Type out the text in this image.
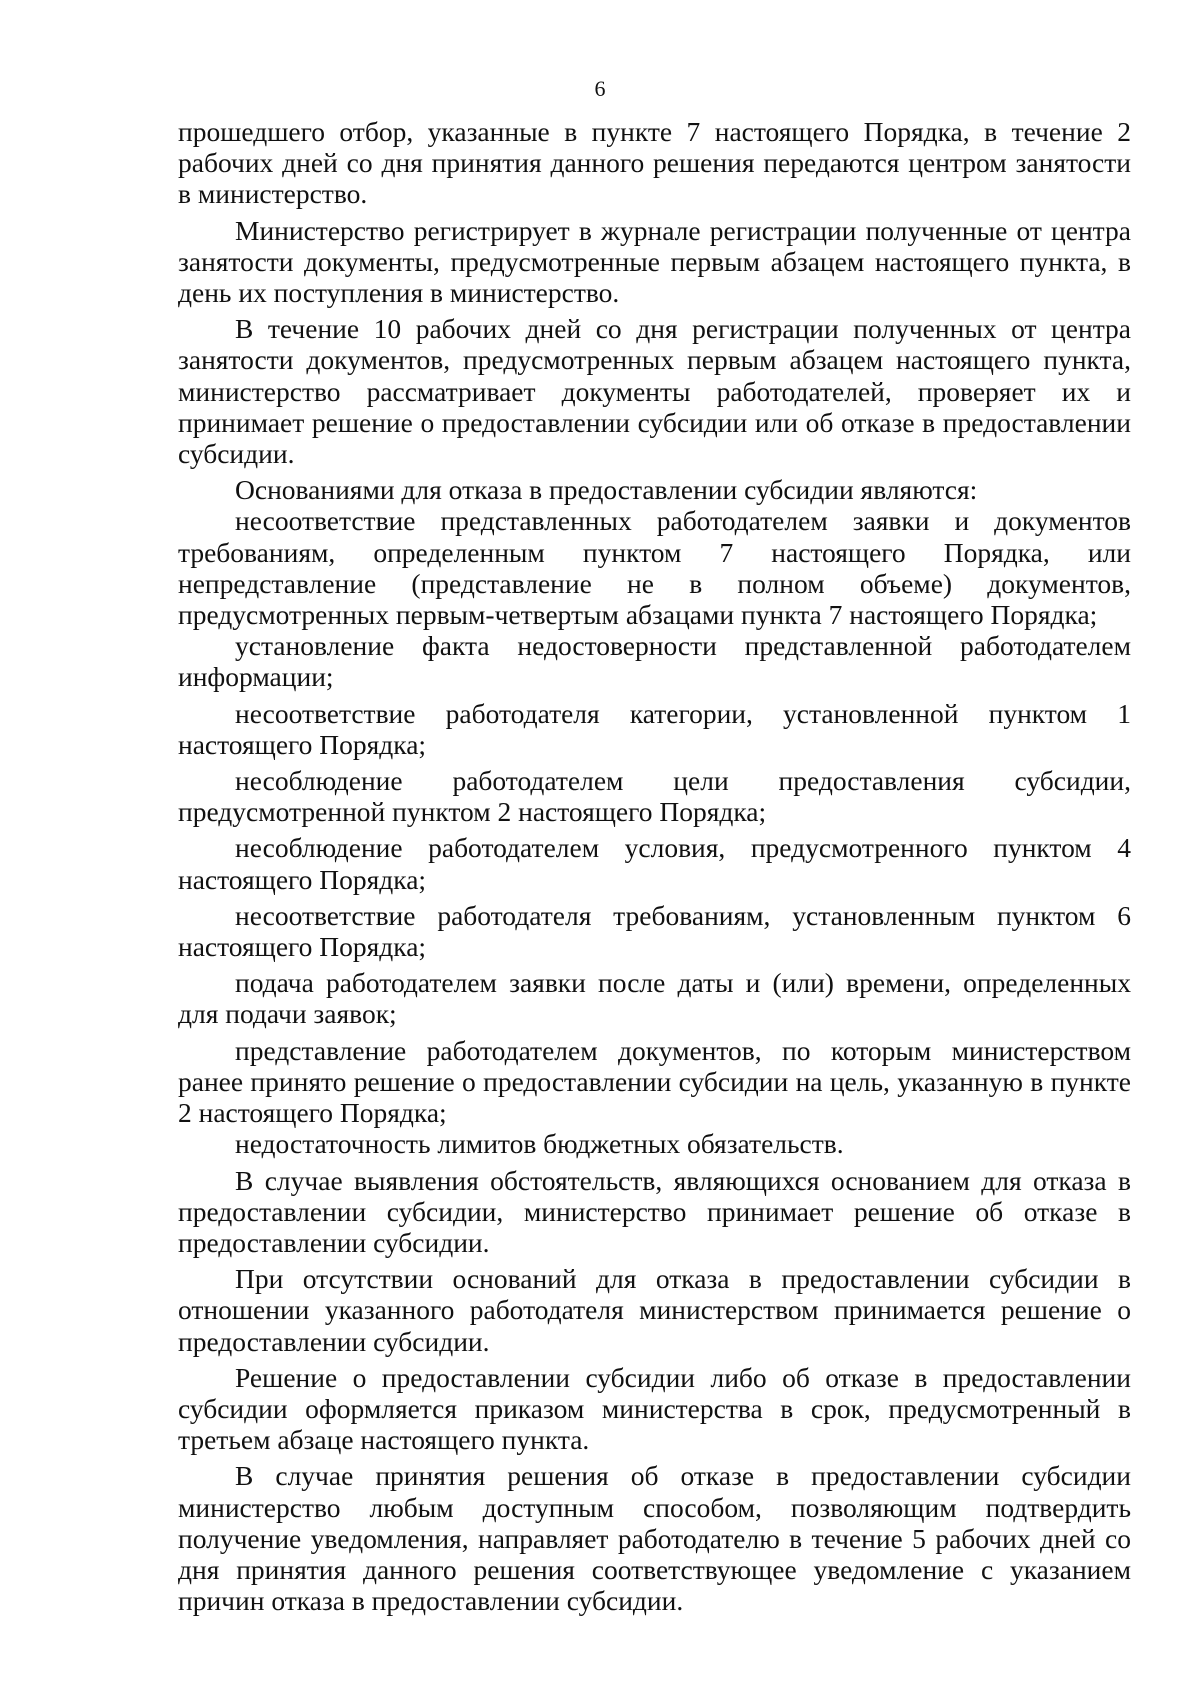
6

прошедшего отбор, указанные в пункте 7 настоящего Порядка, в течение 2 рабочих дней со дня принятия данного решения передаются центром занятости в министерство.

Министерство регистрирует в журнале регистрации полученные от центра занятости документы, предусмотренные первым абзацем настоящего пункта, в день их поступления в министерство.

В течение 10 рабочих дней со дня регистрации полученных от центра занятости документов, предусмотренных первым абзацем настоящего пункта, министерство рассматривает документы работодателей, проверяет их и принимает решение о предоставлении субсидии или об отказе в предоставлении субсидии.

Основаниями для отказа в предоставлении субсидии являются:

несоответствие представленных работодателем заявки и документов требованиям, определенным пунктом 7 настоящего Порядка, или непредставление (представление не в полном объеме) документов, предусмотренных первым-четвертым абзацами пункта 7 настоящего Порядка;

установление факта недостоверности представленной работодателем информации;

несоответствие работодателя категории, установленной пунктом 1 настоящего Порядка;

несоблюдение работодателем цели предоставления субсидии, предусмотренной пунктом 2 настоящего Порядка;

несоблюдение работодателем условия, предусмотренного пунктом 4 настоящего Порядка;

несоответствие работодателя требованиям, установленным пунктом 6 настоящего Порядка;

подача работодателем заявки после даты и (или) времени, определенных для подачи заявок;

представление работодателем документов, по которым министерством ранее принято решение о предоставлении субсидии на цель, указанную в пункте 2 настоящего Порядка;

недостаточность лимитов бюджетных обязательств.

В случае выявления обстоятельств, являющихся основанием для отказа в предоставлении субсидии, министерство принимает решение об отказе в предоставлении субсидии.

При отсутствии оснований для отказа в предоставлении субсидии в отношении указанного работодателя министерством принимается решение о предоставлении субсидии.

Решение о предоставлении субсидии либо об отказе в предоставлении субсидии оформляется приказом министерства в срок, предусмотренный в третьем абзаце настоящего пункта.

В случае принятия решения об отказе в предоставлении субсидии министерство любым доступным способом, позволяющим подтвердить получение уведомления, направляет работодателю в течение 5 рабочих дней со дня принятия данного решения соответствующее уведомление с указанием причин отказа в предоставлении субсидии.
